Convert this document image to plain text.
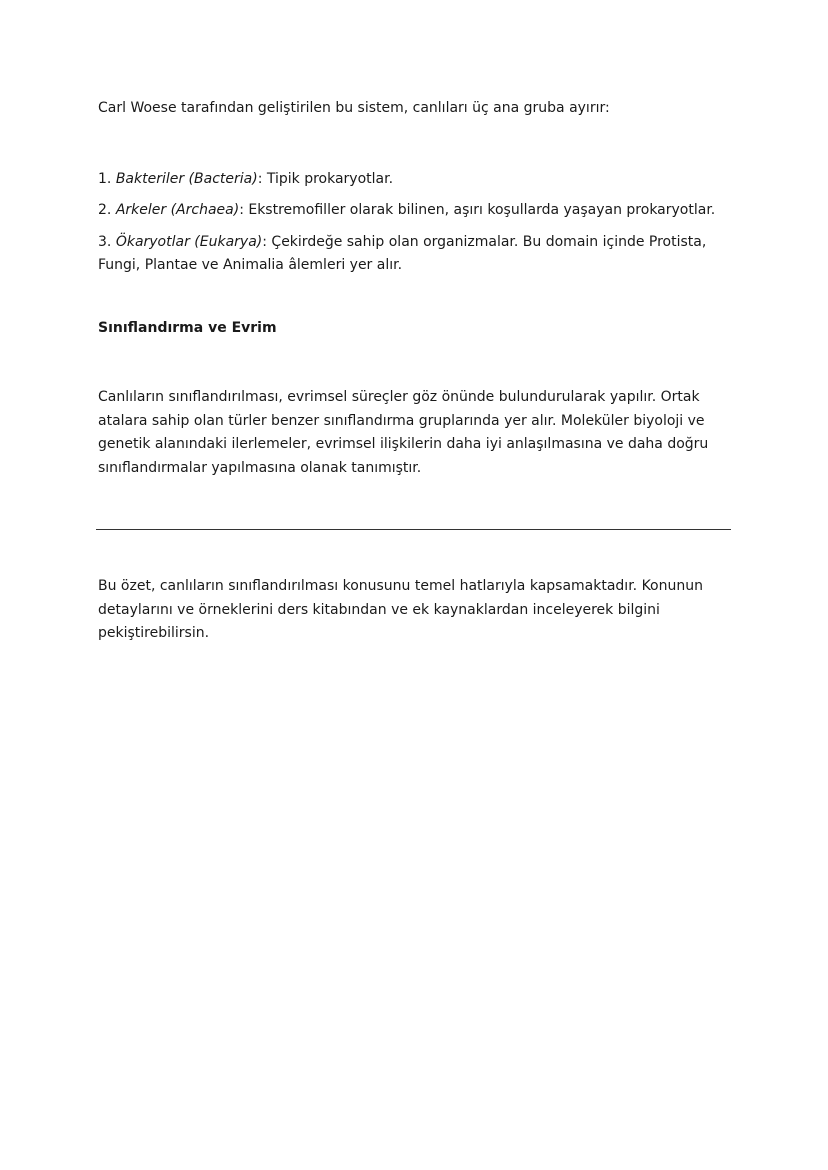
Carl Woese tarafından geliştirilen bu sistem, canlıları üç ana gruba ayırır:

1. Bakteriler (Bacteria): Tipik prokaryotlar.

2. Arkeler (Archaea): Ekstremofiller olarak bilinen, aşırı koşullarda yaşayan prokaryotlar.

3. Ökaryotlar (Eukarya): Çekirdeğe sahip olan organizmalar. Bu domain içinde Protista, Fungi, Plantae ve Animalia âlemleri yer alır.

Sınıflandırma ve Evrim

Canlıların sınıflandırılması, evrimsel süreçler göz önünde bulundurularak yapılır. Ortak atalara sahip olan türler benzer sınıflandırma gruplarında yer alır. Moleküler biyoloji ve genetik alanındaki ilerlemeler, evrimsel ilişkilerin daha iyi anlaşılmasına ve daha doğru sınıflandırmalar yapılmasına olanak tanımıştır.

Bu özet, canlıların sınıflandırılması konusunu temel hatlarıyla kapsamaktadır. Konunun detaylarını ve örneklerini ders kitabından ve ek kaynaklardan inceleyerek bilgini pekiştirebilirsin.
